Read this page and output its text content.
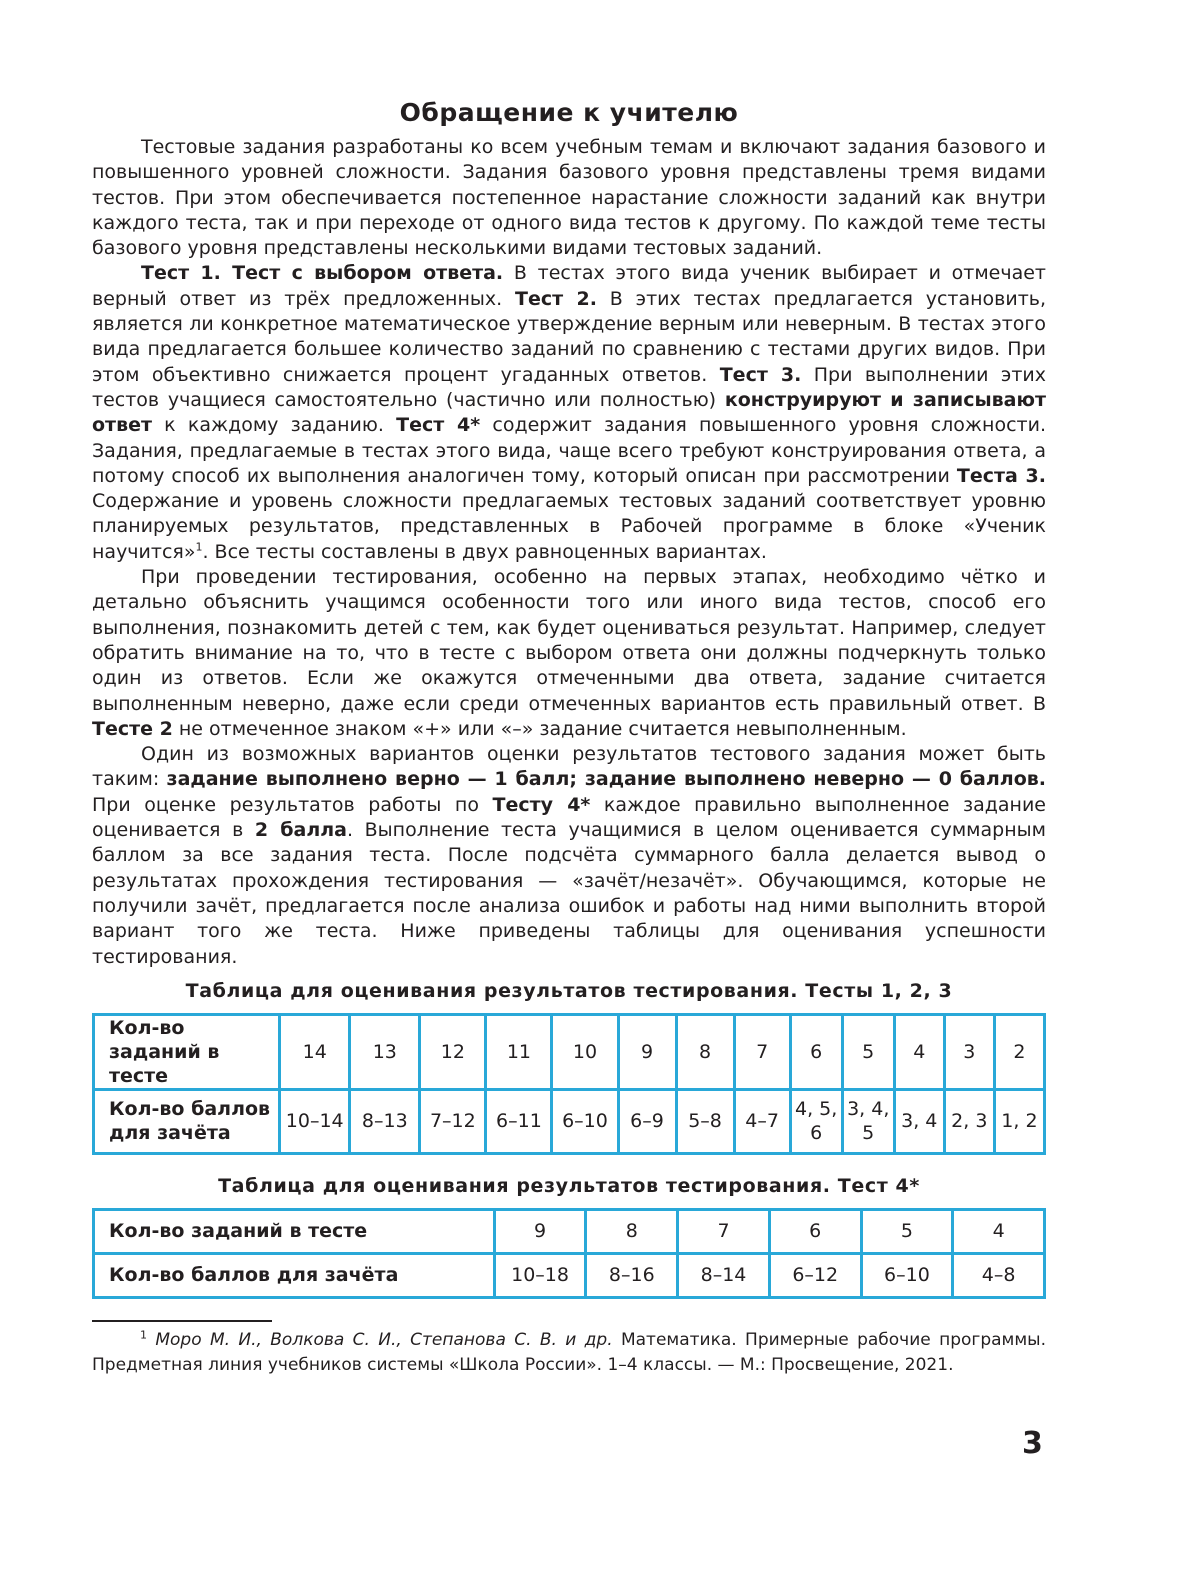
Обращение к учителю

Тестовые задания разработаны ко всем учебным темам и включают задания базового и повышенного уровней сложности. Задания базового уровня представлены тремя видами тестов. При этом обеспечивается постепенное нарастание сложности заданий как внутри каждого теста, так и при переходе от одного вида тестов к другому. По каждой теме тесты базового уровня представлены несколькими видами тестовых заданий.

Тест 1. Тест с выбором ответа. В тестах этого вида ученик выбирает и отмечает верный ответ из трёх предложенных. Тест 2. В этих тестах предлагается установить, является ли конкретное математическое утверждение верным или неверным. В тестах этого вида предлагается большее количество заданий по сравнению с тестами других видов. При этом объективно снижается процент угаданных ответов. Тест 3. При выполнении этих тестов учащиеся самостоятельно (частично или полностью) конструируют и записывают ответ к каждому заданию. Тест 4* содержит задания повышенного уровня сложности. Задания, предлагаемые в тестах этого вида, чаще всего требуют конструирования ответа, а потому способ их выполнения аналогичен тому, который описан при рассмотрении Теста 3. Содержание и уровень сложности предлагаемых тестовых заданий соответствует уровню планируемых результатов, представленных в Рабочей программе в блоке «Ученик научится»$^1$. Все тесты составлены в двух равноценных вариантах.

При проведении тестирования, особенно на первых этапах, необходимо чётко и детально объяснить учащимся особенности того или иного вида тестов, способ его выполнения, познакомить детей с тем, как будет оцениваться результат. Например, следует обратить внимание на то, что в тесте с выбором ответа они должны подчеркнуть только один из ответов. Если же окажутся отмеченными два ответа, задание считается выполненным неверно, даже если среди отмеченных вариантов есть правильный ответ. В Тесте 2 не отмеченное знаком «+» или «–» задание считается невыполненным.

Один из возможных вариантов оценки результатов тестового задания может быть таким: задание выполнено верно — 1 балл; задание выполнено неверно — 0 баллов. При оценке результатов работы по Тесту 4* каждое правильно выполненное задание оценивается в 2 балла. Выполнение теста учащимися в целом оценивается суммарным баллом за все задания теста. После подсчёта суммарного балла делается вывод о результатах прохождения тестирования — «зачёт/незачёт». Обучающимся, которые не получили зачёт, предлагается после анализа ошибок и работы над ними выполнить второй вариант того же теста. Ниже приведены таблицы для оценивания успешности тестирования.

Таблица для оценивания результатов тестирования. Тесты 1, 2, 3
Кол-во заданий в тесте	14	13	12	11	10	9	8	7	6	5	4	3	2
Кол-во баллов для зачёта	10–14	8–13	7–12	6–11	6–10	6–9	5–8	4–7	4, 5, 6	3, 4, 5	3, 4	2, 3	1, 2
Таблица для оценивания результатов тестирования. Тест 4*
Кол-во заданий в тесте	9	8	7	6	5	4
Кол-во баллов для зачёта	10–18	8–16	8–14	6–12	6–10	4–8
$^1$ Моро М. И., Волкова С. И., Степанова С. В. и др. Математика. Примерные рабочие программы. Предметная линия учебников системы «Школа России». 1–4 классы. — М.: Просвещение, 2021.
3
